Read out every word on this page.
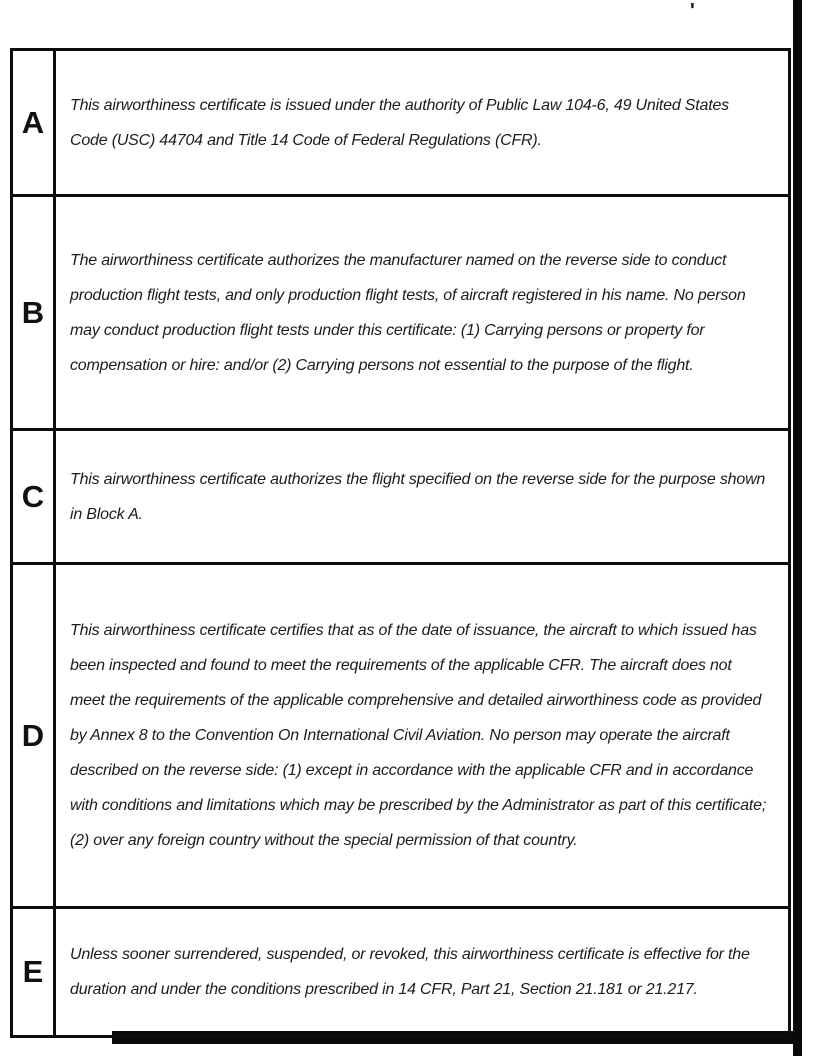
'
A	This airworthiness certificate is issued under the authority of Public Law 104-6, 49 United States Code (USC) 44704 and Title 14 Code of Federal Regulations (CFR).
B	The airworthiness certificate authorizes the manufacturer named on the reverse side to conduct production flight tests, and only production flight tests, of aircraft registered in his name. No person may conduct production flight tests under this certificate: (1) Carrying persons or property for compensation or hire: and/or (2) Carrying persons not essential to the purpose of the flight.
C	This airworthiness certificate authorizes the flight specified on the reverse side for the purpose shown in Block A.
D	This airworthiness certificate certifies that as of the date of issuance, the aircraft to which issued has been inspected and found to meet the requirements of the applicable CFR. The aircraft does not meet the requirements of the applicable comprehensive and detailed airworthiness code as provided by Annex 8 to the Convention On International Civil Aviation. No person may operate the aircraft described on the reverse side: (1) except in accordance with the applicable CFR and in accordance with conditions and limitations which may be prescribed by the Administrator as part of this certificate; (2) over any foreign country without the special permission of that country.
E	Unless sooner surrendered, suspended, or revoked, this airworthiness certificate is effective for the duration and under the conditions prescribed in 14 CFR, Part 21, Section 21.181 or 21.217.
